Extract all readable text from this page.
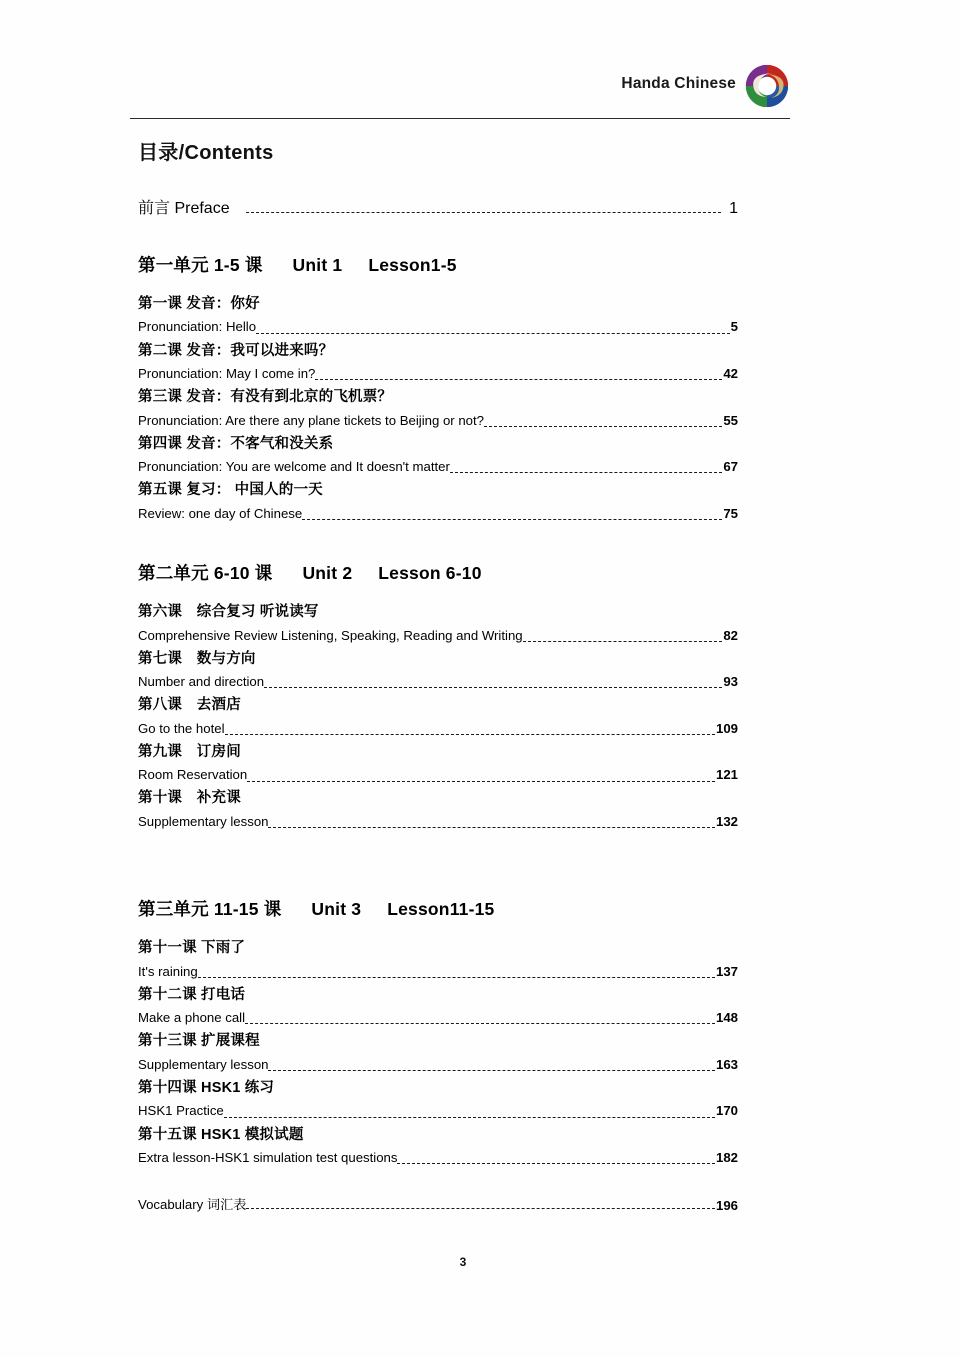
Handa Chinese
目录/Contents
前言 Preface	1
第一单元 1-5 课 Unit 1 Lesson1-5
第一课 发音：你好
Pronunciation: Hello	5
第二课 发音：我可以进来吗？
Pronunciation: May I come in?	42
第三课 发音：有没有到北京的飞机票？
Pronunciation: Are there any plane tickets to Beijing or not?	55
第四课 发音：不客气和没关系
Pronunciation: You are welcome and It doesn't matter	67
第五课 复习： 中国人的一天
Review: one day of Chinese	75
第二单元 6-10 课 Unit 2 Lesson 6-10
第六课　综合复习 听说读写
Comprehensive Review Listening, Speaking, Reading and Writing	82
第七课　数与方向
Number and direction	93
第八课　去酒店
Go to the hotel	109
第九课　订房间
Room Reservation	121
第十课　补充课
Supplementary lesson	132
第三单元 11-15 课 Unit 3 Lesson11-15
第十一课 下雨了
It's raining	137
第十二课 打电话
Make a phone call	148
第十三课 扩展课程
Supplementary lesson	163
第十四课 HSK1 练习
HSK1 Practice	170
第十五课 HSK1 模拟试题
Extra lesson-HSK1 simulation test questions	182
Vocabulary 词汇表	196
3
